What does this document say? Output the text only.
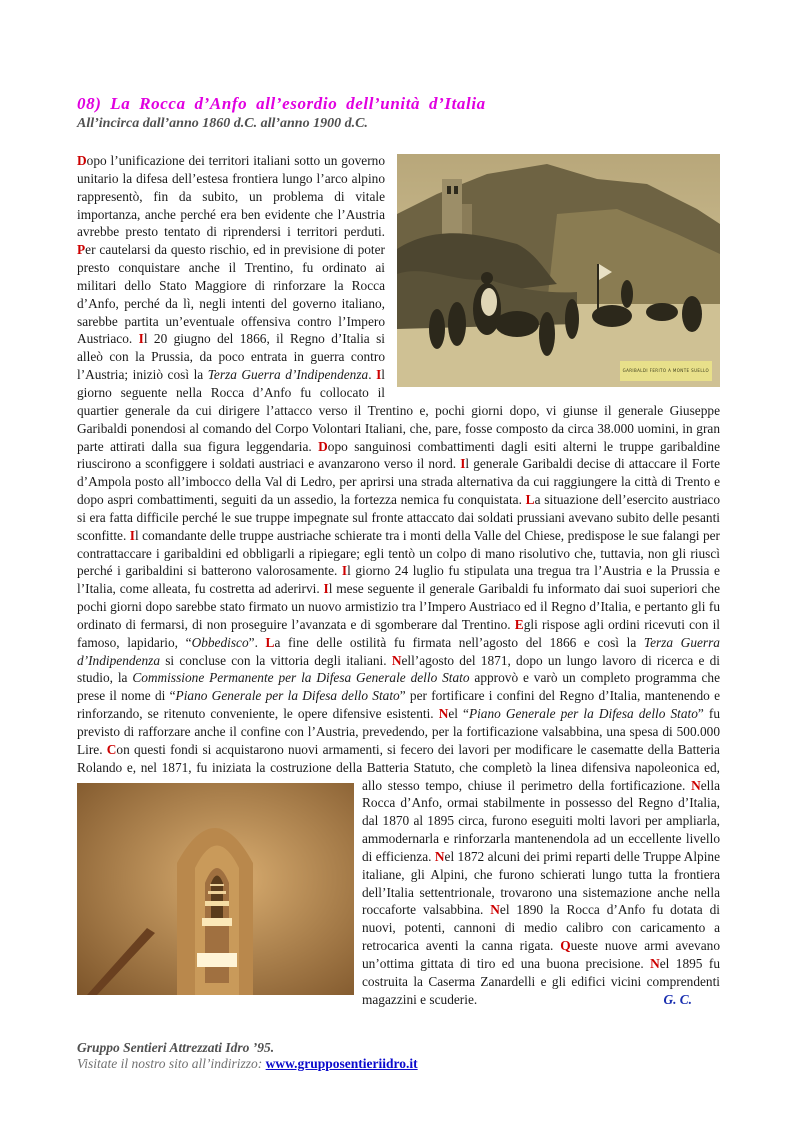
08) La Rocca d’Anfo all’esordio dell’unità d’Italia
All’incirca dall’anno 1860 d.C. all’anno 1900 d.C.
GARIBALDI FERITO A MONTE SUELLO

Dopo l’unificazione dei territori italiani sotto un governo unitario la difesa dell’estesa frontiera lungo l’arco alpino rappresentò, fin da subito, un problema di vitale importanza, anche perché era ben evidente che l’Austria avrebbe presto tentato di riprendersi i territori perduti. Per cautelarsi da questo rischio, ed in previsione di poter presto conquistare anche il Trentino, fu ordinato ai militari dello Stato Maggiore di rinforzare la Rocca d’Anfo, perché da lì, negli intenti del governo italiano, sarebbe partita un’eventuale offensiva contro l’Impero Austriaco. Il 20 giugno del 1866, il Regno d’Italia si alleò con la Prussia, da poco entrata in guerra contro l’Austria; iniziò così la Terza Guerra d’Indipendenza. Il giorno seguente nella Rocca d’Anfo fu collocato il quartier generale da cui dirigere l’attacco verso il Trentino e, pochi giorni dopo, vi giunse il generale Giuseppe Garibaldi ponendosi al comando del Corpo Volontari Italiani, che, pare, fosse composto da circa 38.000 uomini, in gran parte attirati dalla sua figura leggendaria. Dopo sanguinosi combattimenti dagli esiti alterni le truppe garibaldine riuscirono a sconfiggere i soldati austriaci e avanzarono verso il nord. Il generale Garibaldi decise di attaccare il Forte d’Ampola posto all’imbocco della Val di Ledro, per aprirsi una strada alternativa da cui raggiungere la città di Trento e dopo aspri combattimenti, seguiti da un assedio, la fortezza nemica fu conquistata. La situazione dell’esercito austriaco si era fatta difficile perché le sue truppe impegnate sul fronte attaccato dai soldati prussiani avevano subito delle pesanti sconfitte. Il comandante delle truppe austriache schierate tra i monti della Valle del Chiese, predispose le sue falangi per contrattaccare i garibaldini ed obbligarli a ripiegare; egli tentò un colpo di mano risolutivo che, tuttavia, non gli riuscì perché i garibaldini si batterono valorosamente. Il giorno 24 luglio fu stipulata una tregua tra l’Austria e la Prussia e l’Italia, come alleata, fu costretta ad aderirvi. Il mese seguente il generale Garibaldi fu informato dai suoi superiori che pochi giorni dopo sarebbe stato firmato un nuovo armistizio tra l’Impero Austriaco ed il Regno d’Italia, e pertanto gli fu ordinato di fermarsi, di non proseguire l’avanzata e di sgomberare dal Trentino. Egli rispose agli ordini ricevuti con il famoso, lapidario, “Obbedisco”. La fine delle ostilità fu firmata nell’agosto del 1866 e così la Terza Guerra d’Indipendenza si concluse con la vittoria degli italiani. Nell’agosto del 1871, dopo un lungo lavoro di ricerca e di studio, la Commissione Permanente per la Difesa Generale dello Stato approvò e varò un completo programma che prese il nome di “Piano Generale per la Difesa dello Stato” per fortificare i confini del Regno d’Italia, mantenendo e rinforzando, se ritenuto conveniente, le opere difensive esistenti. Nel “Piano Generale per la Difesa dello Stato” fu previsto di rafforzare anche il confine con l’Austria, prevedendo, per la fortificazione valsabbina, una spesa di 500.000 Lire. Con questi fondi si acquistarono nuovi armamenti, si fecero dei lavori per modificare le casematte della Batteria Rolando e, nel 1871, fu iniziata la costruzione della Batteria Statuto, che completò la linea difensiva napoleonica ed, allo stesso tempo, chiuse il perimetro della fortificazione.
Nella Rocca d’Anfo, ormai stabilmente in possesso del Regno d’Italia, dal 1870 al 1895 circa, furono eseguiti molti lavori per ampliarla, ammodernarla e rinforzarla mantenendola ad un eccellente livello di efficienza. Nel 1872 alcuni dei primi reparti delle Truppe Alpine italiane, gli Alpini, che furono schierati lungo tutta la frontiera dell’Italia settentrionale, trovarono una sistemazione anche nella roccaforte valsabbina. Nel 1890 la Rocca d’Anfo fu dotata di nuovi, potenti, cannoni di medio calibro con caricamento a retrocarica aventi la canna rigata. Queste nuove armi avevano un’ottima gittata di tiro ed una buona precisione. Nel 1895 fu costruita la Caserma Zanardelli e gli edifici vicini comprendenti magazzini e scuderie.	G. C.

Gruppo Sentieri Attrezzati Idro ’95.
Visitate il nostro sito all’indirizzo: www.grupposentieriidro.it
